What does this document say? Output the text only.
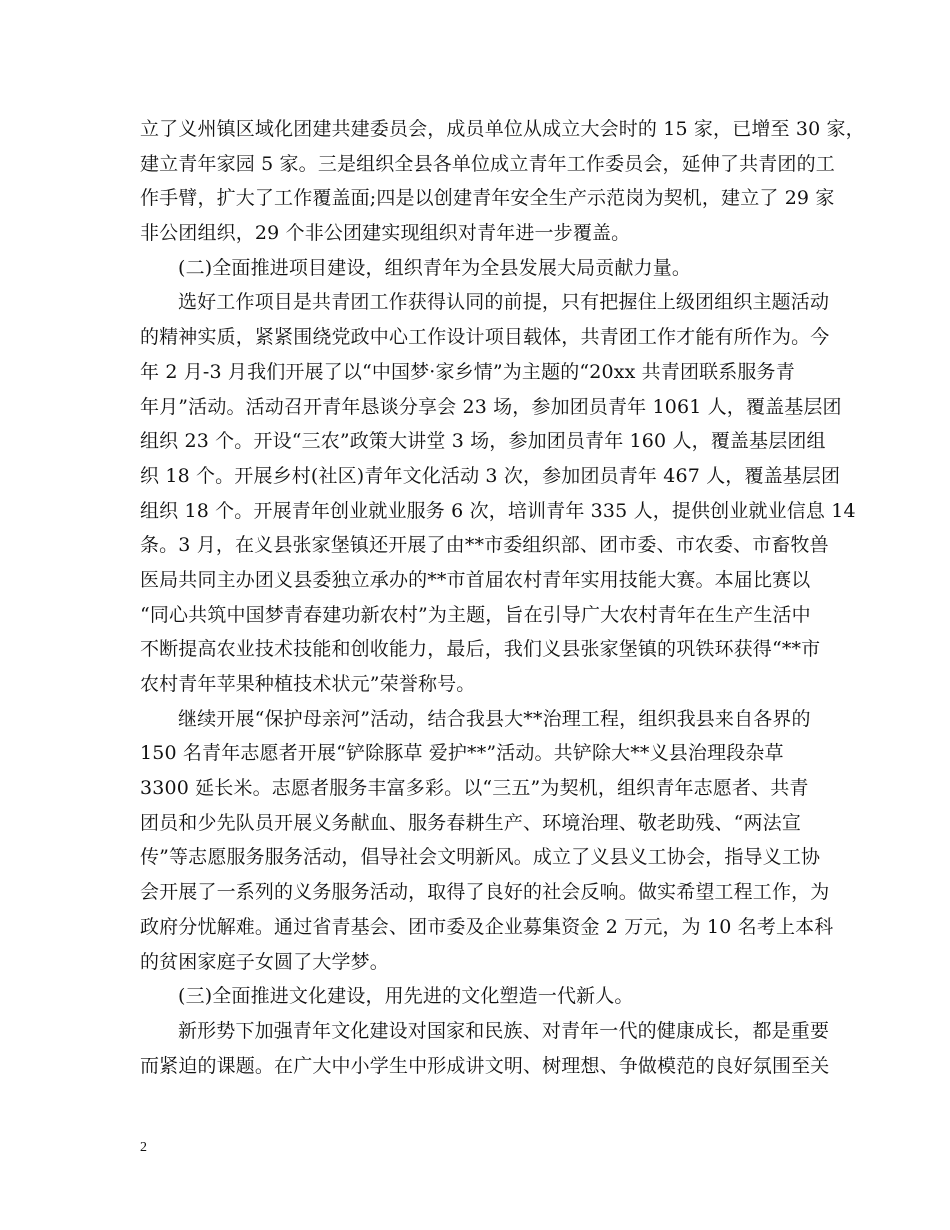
立了义州镇区域化团建共建委员会，成员单位从成立大会时的 15 家，已增至 30 家，
建立青年家园 5 家。三是组织全县各单位成立青年工作委员会，延伸了共青团的工
作手臂，扩大了工作覆盖面;四是以创建青年安全生产示范岗为契机，建立了 29 家
非公团组织，29 个非公团建实现组织对青年进一步覆盖。
(二)全面推进项目建设，组织青年为全县发展大局贡献力量。
选好工作项目是共青团工作获得认同的前提，只有把握住上级团组织主题活动
的精神实质，紧紧围绕党政中心工作设计项目载体，共青团工作才能有所作为。今
年 2 月-3 月我们开展了以“中国梦·家乡情”为主题的“20xx 共青团联系服务青
年月”活动。活动召开青年恳谈分享会 23 场，参加团员青年 1061 人，覆盖基层团
组织 23 个。开设“三农”政策大讲堂 3 场，参加团员青年 160 人，覆盖基层团组
织 18 个。开展乡村(社区)青年文化活动 3 次，参加团员青年 467 人，覆盖基层团
组织 18 个。开展青年创业就业服务 6 次，培训青年 335 人，提供创业就业信息 14
条。3 月，在义县张家堡镇还开展了由**市委组织部、团市委、市农委、市畜牧兽
医局共同主办团义县委独立承办的**市首届农村青年实用技能大赛。本届比赛以
“同心共筑中国梦青春建功新农村”为主题，旨在引导广大农村青年在生产生活中
不断提高农业技术技能和创收能力，最后，我们义县张家堡镇的巩铁环获得“**市
农村青年苹果种植技术状元”荣誉称号。
继续开展“保护母亲河”活动，结合我县大**治理工程，组织我县来自各界的
150 名青年志愿者开展“铲除豚草 爱护**”活动。共铲除大**义县治理段杂草
3300 延长米。志愿者服务丰富多彩。以“三五”为契机，组织青年志愿者、共青
团员和少先队员开展义务献血、服务春耕生产、环境治理、敬老助残、“两法宣
传”等志愿服务服务活动，倡导社会文明新风。成立了义县义工协会，指导义工协
会开展了一系列的义务服务活动，取得了良好的社会反响。做实希望工程工作，为
政府分忧解难。通过省青基会、团市委及企业募集资金 2 万元，为 10 名考上本科
的贫困家庭子女圆了大学梦。
(三)全面推进文化建设，用先进的文化塑造一代新人。
新形势下加强青年文化建设对国家和民族、对青年一代的健康成长，都是重要
而紧迫的课题。在广大中小学生中形成讲文明、树理想、争做模范的良好氛围至关
2
